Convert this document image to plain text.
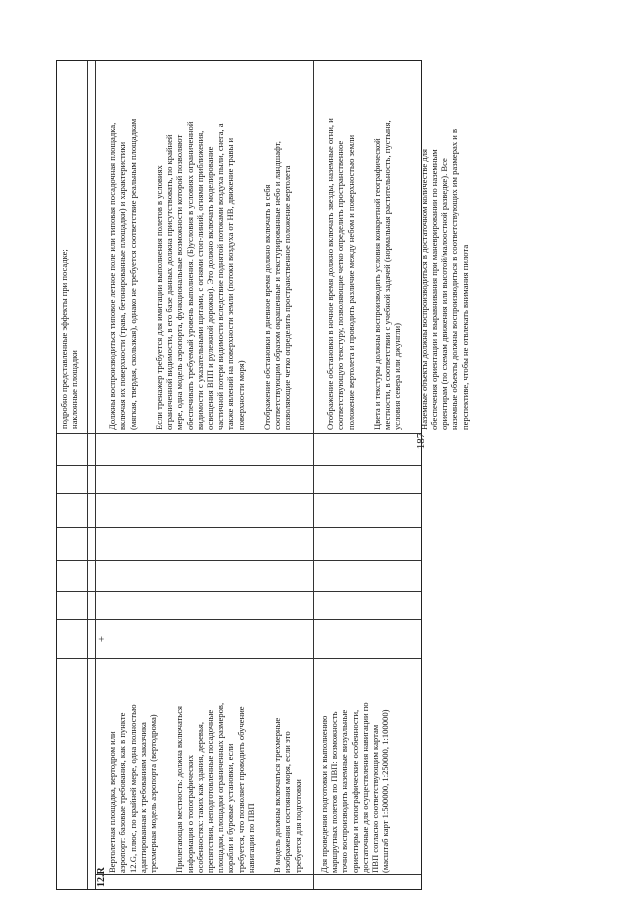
187
подробно представленные эффекты при посадке;
наклонные площадки
12.R

Вертолетная площадка, вертодром или
аэропорт: базовые требования, как в пункте
12.G, плюс, по крайней мере, одна полностью
адаптированная к требованиям заказчика
трехмерная модель аэропорта (вертодрома)

Прилегающая местность: должна включаться
информация о топографических
особенностях: таких как здания, деревья,
препятствия, неподготовленные посадочные
площадки, площадки ограниченных размеров,
корабли и буровые установки, если
требуется, что позволяет проводить обучение
навигации по ПВП

В модель должны включаться трехмерные
изображения состояния моря, если это
требуется для подготовки

Для проведения подготовки к выполнению
маршрутных полетов по ПВП: возможность
точно воспроизводить наземные визуальные
ориентиры и топографические особенности,
достаточные для осуществления навигации по
ПВП согласно соответствующим картам
(масштаб карт 1:500000, 1:250000, 1:100000)

+

Должны воспроизводиться типовое летное поле или типовая посадочная площадка,
включая их поверхности (трава, бетонированные площадки) и характеристики
(мягкая, твердая, скользкая), однако не требуется соответствие реальным площадкам

Если тренажер требуется для имитации выполнения полетов в условиях
ограниченной видимости, в его базе данных должна присутствовать, по крайней
мере, одна модель аэропорта, функциональные возможности которой позволяют
обеспечивать требуемый уровень выполнения. (Б)условия в условиях ограниченной
видимости с указательными щитами, с огнями стоп-линий, огнями приближения,
освещения ВПП и рулежной дорожки). Это должно включать моделирование
частичной потери видимости вследствие поднятой потоками воздуха пыли, снега, а
также явлений на поверхности земли (потоки воздуха от НВ, движение травы и
поверхности моря)

Отображение обстановки в дневное время должно включать в себя
соответствующим образом окрашенные и текстурированные небо и ландшафт,
позволяющие четко определить пространственное положение вертолета

Отображение обстановки в ночное время должно включать звезды, наземные огни, и
соответствующую текстуру, позволяющие четко определить пространственное
положение вертолета и проводить различие между небом и поверхностью земли

Цвета и текстуры должны воспроизводить условия конкретной географической
местности, в соответствии с учебной задачей (нормальная растительность, пустыня,
условия севера или джунгли)

Наземные объекты должны воспроизводиться в достаточном количестве для
обеспечения ориентации и выравнивания при маневрировании по наземным
ориентирам (по схемам движения или высотой/малоостной разведке). Все
наземные объекты должны воспроизводиться в соответствующих им размерах и в
перспективе, чтобы не отвлекать внимания пилота
